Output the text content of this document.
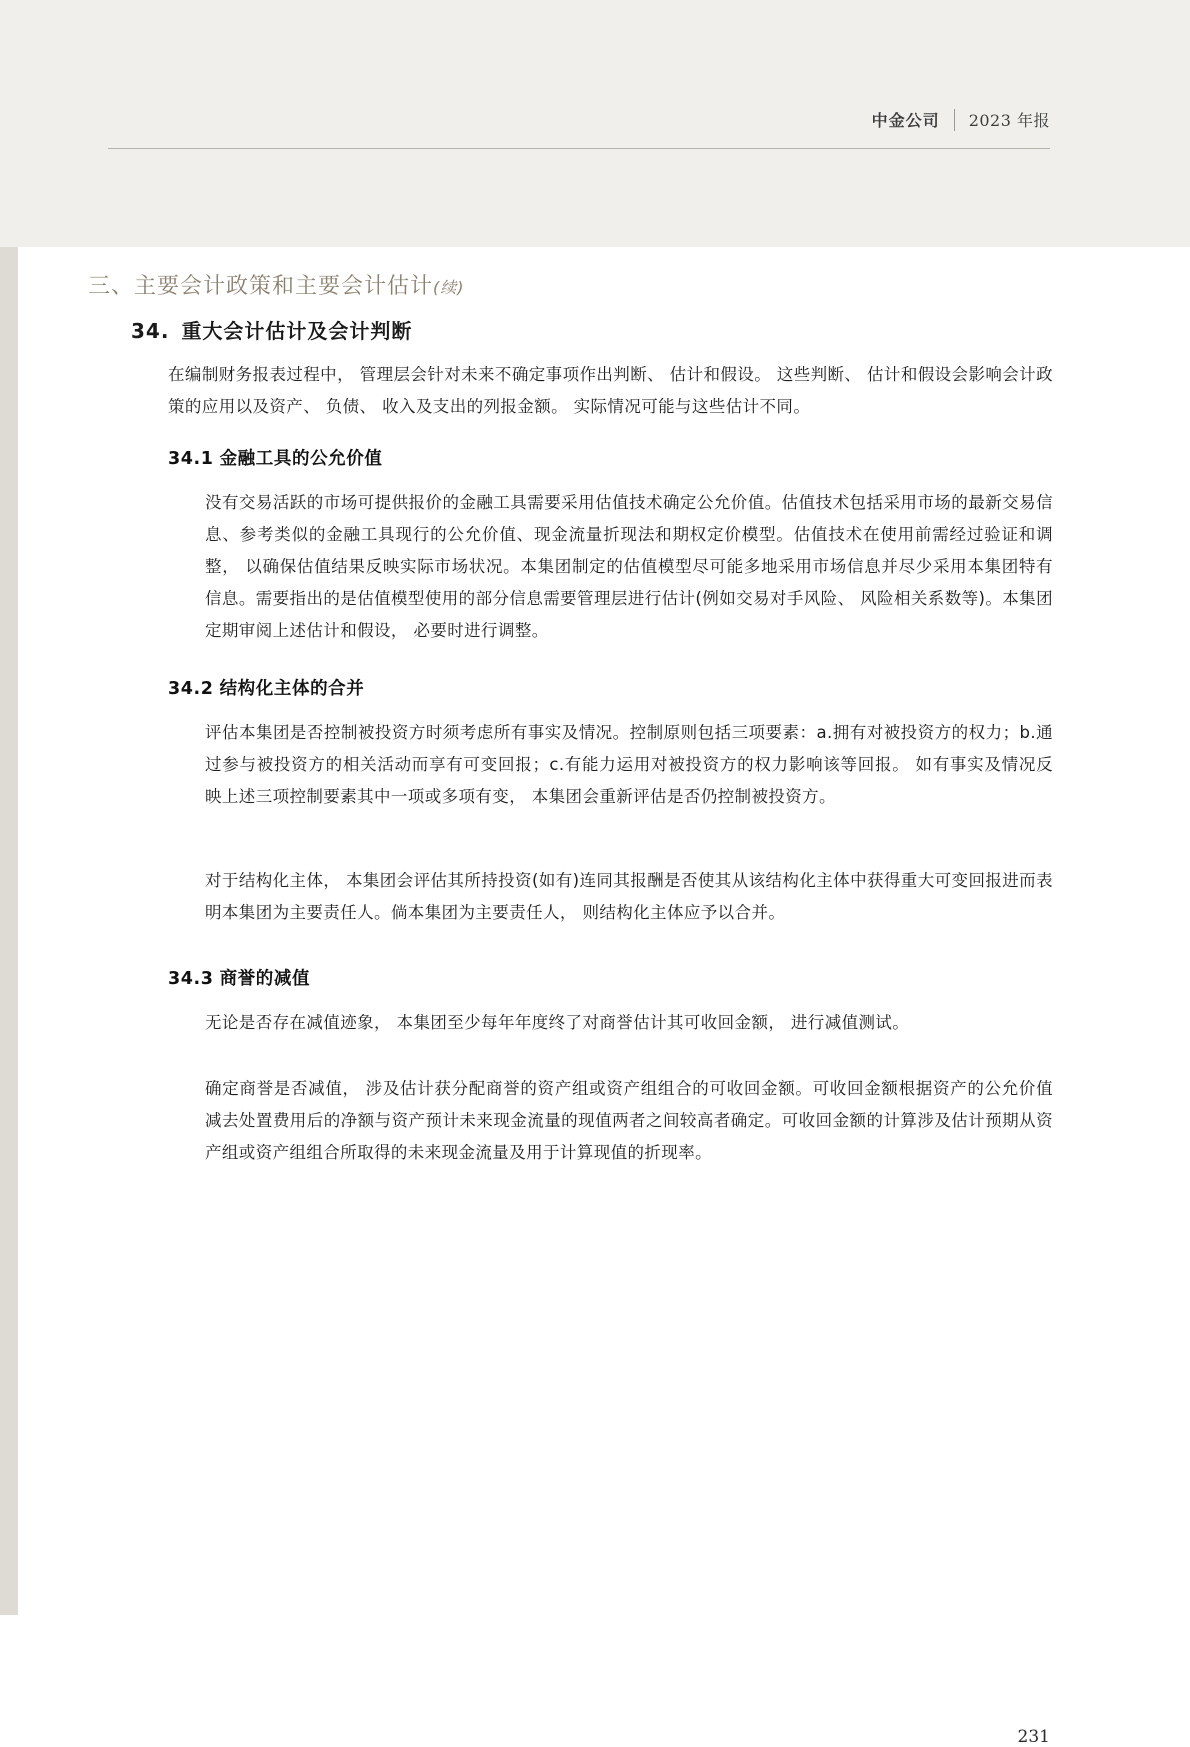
中金公司	2023 年报
三、主要会计政策和主要会计估计(续)
34. 重大会计估计及会计判断
在编制财务报表过程中， 管理层会针对未来不确定事项作出判断、 估计和假设。 这些判断、 估计和假设会影响会计政策的应用以及资产、 负债、 收入及支出的列报金额。 实际情况可能与这些估计不同。
34.1 金融工具的公允价值
没有交易活跃的市场可提供报价的金融工具需要采用估值技术确定公允价值。估值技术包括采用市场的最新交易信息、参考类似的金融工具现行的公允价值、现金流量折现法和期权定价模型。估值技术在使用前需经过验证和调整， 以确保估值结果反映实际市场状况。本集团制定的估值模型尽可能多地采用市场信息并尽少采用本集团特有信息。需要指出的是估值模型使用的部分信息需要管理层进行估计(例如交易对手风险、 风险相关系数等)。本集团定期审阅上述估计和假设， 必要时进行调整。
34.2 结构化主体的合并
评估本集团是否控制被投资方时须考虑所有事实及情况。控制原则包括三项要素：a.拥有对被投资方的权力；b.通过参与被投资方的相关活动而享有可变回报；c.有能力运用对被投资方的权力影响该等回报。 如有事实及情况反映上述三项控制要素其中一项或多项有变， 本集团会重新评估是否仍控制被投资方。
对于结构化主体， 本集团会评估其所持投资(如有)连同其报酬是否使其从该结构化主体中获得重大可变回报进而表明本集团为主要责任人。倘本集团为主要责任人， 则结构化主体应予以合并。
34.3 商誉的减值
无论是否存在减值迹象， 本集团至少每年年度终了对商誉估计其可收回金额， 进行减值测试。
确定商誉是否减值， 涉及估计获分配商誉的资产组或资产组组合的可收回金额。可收回金额根据资产的公允价值减去处置费用后的净额与资产预计未来现金流量的现值两者之间较高者确定。可收回金额的计算涉及估计预期从资产组或资产组组合所取得的未来现金流量及用于计算现值的折现率。
231
